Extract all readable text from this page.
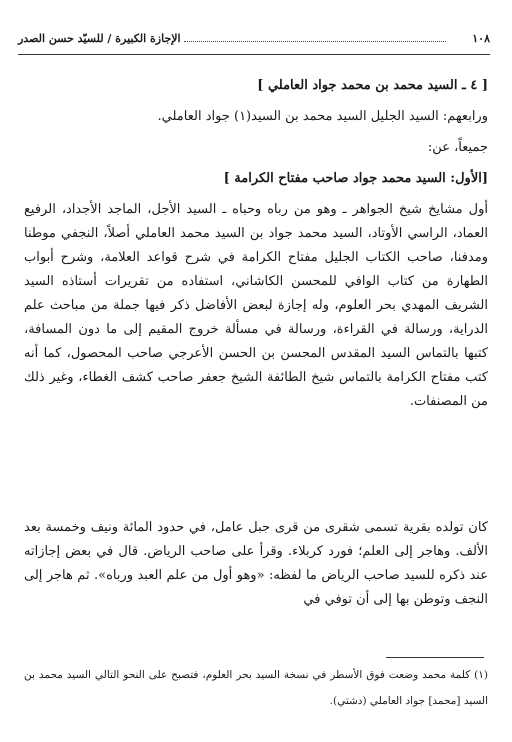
١٠٨
الإجازة الكبيرة / للسيّد حسن الصدر
[ ٤ ـ السيد محمد بن محمد جواد العاملي ]
ورابعهم: السيد الجليل السيد محمد بن السيد(١) جواد العاملي.
جميعاً، عن:
[الأول: السيد محمد جواد صاحب مفتاح الكرامة ]
أول مشايخ شيخ الجواهر ـ وهو من رباه وحباه ـ السيد الأجل، الماجد الأجداد، الرفيع العماد، الراسي الأوتاد، السيد محمد جواد بن السيد محمد العاملي أصلاً، النجفي موطنا ومدفنا، صاحب الكتاب الجليل مفتاح الكرامة في شرح قواعد العلامة، وشرح أبواب الطهارة من كتاب الوافي للمحسن الكاشاني، استفاده من تقريرات أستاذه السيد الشريف المهدي بحر العلوم، وله إجازة لبعض الأفاضل ذكر فيها جملة من مباحث علم الدراية، ورسالة في القراءة، ورسالة في مسألة خروج المقيم إلى ما دون المسافة، كتبها بالتماس السيد المقدس المحسن بن الحسن الأعرجي صاحب المحصول، كما أنه كتب مفتاح الكرامة بالتماس شيخ الطائفة الشيخ جعفر صاحب كشف الغطاء، وغير ذلك من المصنفات.
كان تولده بقرية تسمى شقرى من قرى جبل عامل، في حدود المائة ونيف وخمسة بعد الألف. وهاجر إلى العلم؛ فورد كربلاء. وقرأ على صاحب الرياض. قال في بعض إجازاته عند ذكره للسيد صاحب الرياض ما لفظه: «وهو أول من علم العبد ورباه». ثم هاجر إلى النجف وتوطن بها إلى أن توفي في
(١) كلمة محمد وضعت فوق الأسطر في نسخة السيد بحر العلوم، فتصبح على النحو التالي السيد محمد بن السيد [محمد] جواد العاملي (دشتي).
